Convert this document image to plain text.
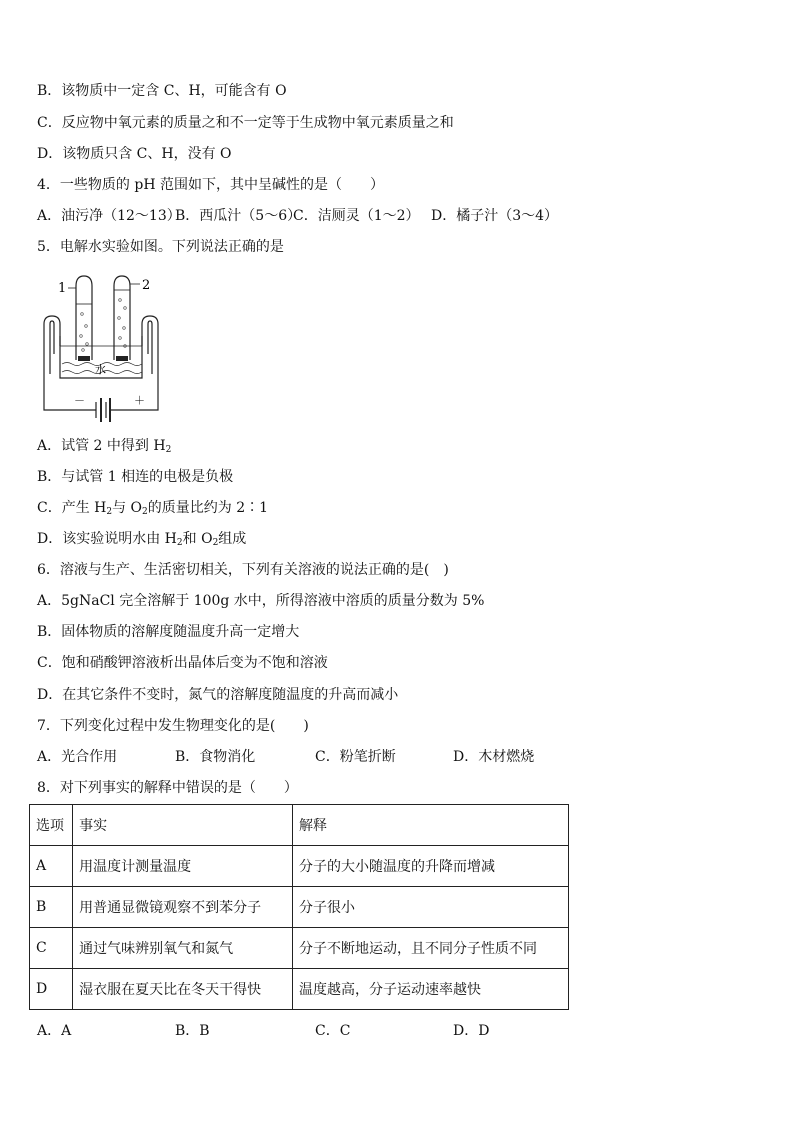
B．该物质中一定含 C、H，可能含有 O
C．反应物中氧元素的质量之和不一定等于生成物中氧元素质量之和
D．该物质只含 C、H，没有 O
4．一些物质的 pH 范围如下，其中呈碱性的是（　　）
A．油污净（12～13）B．西瓜汁（5～6）C．洁厕灵（1～2） D．橘子汁（3～4）
5．电解水实验如图。下列说法正确的是
1	2
水
－	＋
A．试管 2 中得到 $H_2$
B．与试管 1 相连的电极是负极
C．产生 $H_2$与 $O_2$的质量比约为 2∶1
D．该实验说明水由 $H_2$和 $O_2$组成
6．溶液与生产、生活密切相关，下列有关溶液的说法正确的是(　)
A．5gNaCl 完全溶解于 100g 水中，所得溶液中溶质的质量分数为 5%
B．固体物质的溶解度随温度升高一定增大
C．饱和硝酸钾溶液析出晶体后变为不饱和溶液
D．在其它条件不变时，氮气的溶解度随温度的升高而减小
7．下列变化过程中发生物理变化的是(　　)
A．光合作用	B．食物消化	C．粉笔折断	D．木材燃烧
8．对下列事实的解释中错误的是（　　）
选项	事实	解释
A	用温度计测量温度	分子的大小随温度的升降而增减
B	用普通显微镜观察不到苯分子	分子很小
C	通过气味辨别氧气和氮气	分子不断地运动，且不同分子性质不同
D	湿衣服在夏天比在冬天干得快	温度越高，分子运动速率越快
A．A	B．B	C．C	D．D
